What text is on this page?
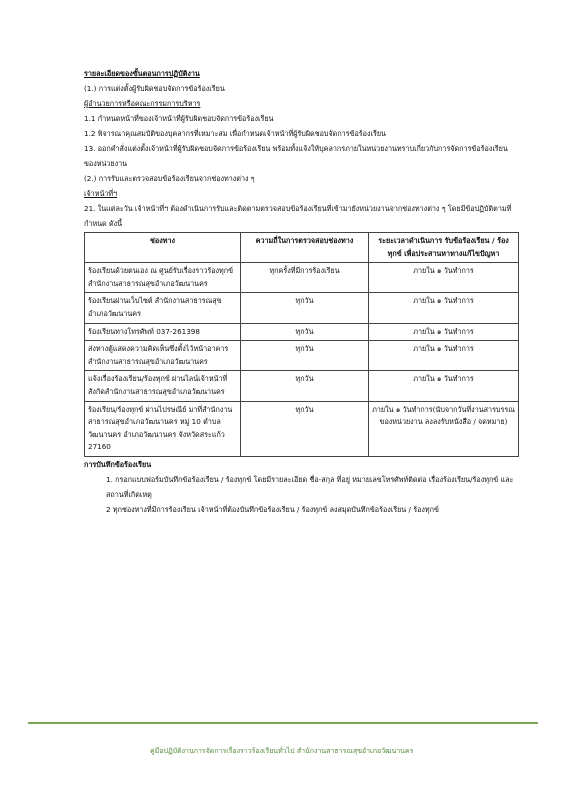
รายละเอียดของขั้นตอนการปฏิบัติงาน
(1.) การแต่งตั้งผู้รับผิดชอบจัดการข้อร้องเรียน
ผู้อำนวยการหรือคณะกรรมการบริหาร
1.1 กำหนดหน้าที่ของเจ้าหน้าที่ผู้รับผิดชอบจัดการข้อร้องเรียน
1.2 พิจารณาคุณสมบัติของบุคลากรที่เหมาะสม เพื่อกำหนดเจ้าหน้าที่ผู้รับผิดชอบจัดการข้อร้องเรียน
13. ออกคำสั่งแต่งตั้งเจ้าหน้าที่ผู้รับผิดชอบจัดการข้อร้องเรียน พร้อมทั้งแจ้งให้บุคลากรภายในหน่วยงานทราบเกี่ยวกับการจัดการข้อร้องเรียนของหน่วยงาน
(2.) การรับและตรวจสอบข้อร้องเรียนจากช่องทางต่าง ๆ
เจ้าหน้าที่ฯ
21. ในแต่ละวัน เจ้าหน้าที่ฯ ต้องดำเนินการรับและติดตามตรวจสอบข้อร้องเรียนที่เข้ามายังหน่วยงานจากช่องทางต่าง ๆ โดยมีข้อปฏิบัติตามที่กำหนด ดังนี้
ช่องทาง	ความถี่ในการตรวจสอบช่องทาง	ระยะเวลาดำเนินการ รับข้อร้องเรียน / ร้องทุกข์ เพื่อประสานหาทางแก้ไขปัญหา
ร้องเรียนด้วยตนเอง ณ ศูนย์รับเรื่องราวร้องทุกข์สำนักงานสาธารณสุขอำเภอวัฒนานคร	ทุกครั้งที่มีการร้องเรียน	ภายใน ๑ วันทำการ
ร้องเรียนผ่านเว็บไซต์ สำนักงานสาธารณสุขอำเภอวัฒนานคร	ทุกวัน	ภายใน ๑ วันทำการ
ร้องเรียนทางโทรศัพท์ 037-261398	ทุกวัน	ภายใน ๑ วันทำการ
ส่งทางตู้แสดงความคิดเห็นซึ่งตั้งไว้หน้าอาคารสำนักงานสาธารณสุขอำเภอวัฒนานคร	ทุกวัน	ภายใน ๑ วันทำการ
แจ้งเรื่องร้องเรียน/ร้องทุกข์ ผ่านไลน์เจ้าหน้าที่สังกัดสำนักงานสาธารณสุขอำเภอวัฒนานคร	ทุกวัน	ภายใน ๑ วันทำการ
ร้องเรียน/ร้องทุกข์ ผ่านไปรษณีย์ มาที่สำนักงานสาธารณสุขอำเภอวัฒนานคร หมู่ 10 ตำบลวัฒนานคร อำเภอวัฒนานคร จังหวัดสระแก้ว 27160	ทุกวัน	ภายใน ๑ วันทำการ(นับจากวันที่งานสารบรรณของหน่วยงาน ลงลงรับหนังสือ / จดหมาย)
การบันทึกข้อร้องเรียน
1. กรอกแบบฟอร์มบันทึกข้อร้องเรียน / ร้องทุกข์ โดยมีรายละเอียด ชื่อ-สกุล ที่อยู่ หมายเลขโทรศัพท์ติดต่อ เรื่องร้องเรียน/ร้องทุกข์ และสถานที่เกิดเหตุ
2 ทุกช่องทางที่มีการร้องเรียน เจ้าหน้าที่ต้องบันทึกข้อร้องเรียน / ร้องทุกข์ ลงสมุดบันทึกข้อร้องเรียน / ร้องทุกข์
คู่มือปฏิบัติงานการจัดการเรื่องราวร้องเรียนทั่วไป สำนักงานสาธารณสุขอำเภอวัฒนานคร
